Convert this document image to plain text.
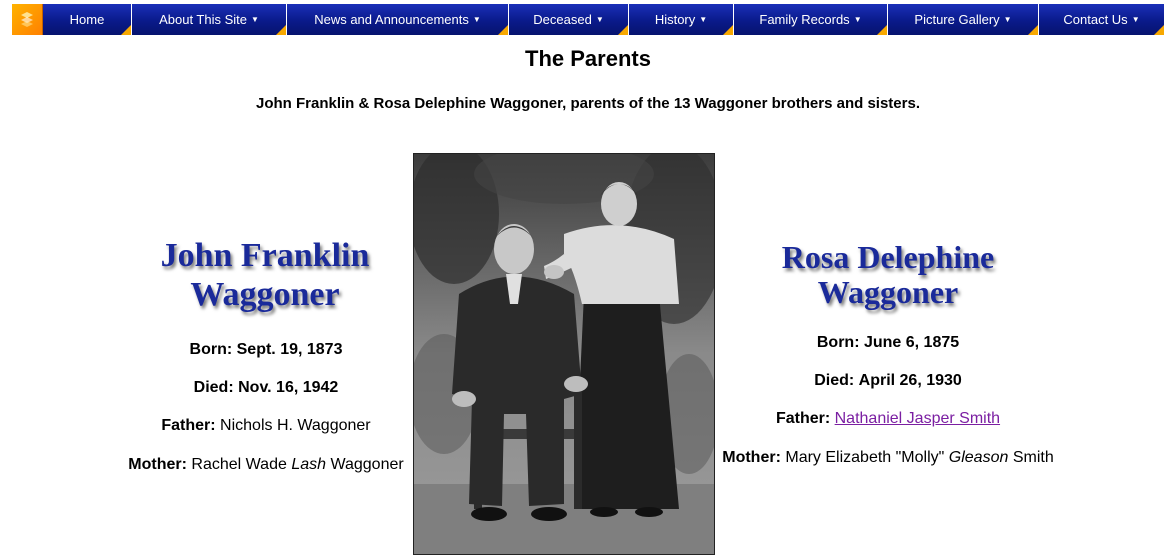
Home	About This Site ▼	News and Announcements ▼	Deceased ▼	History ▼	Family Records ▼	Picture Gallery ▼	Contact Us ▼
The Parents

John Franklin & Rosa Delephine Waggoner, parents of the 13 Waggoner brothers and sisters.

John Franklin
Waggoner
Born: Sept. 19, 1873
Died: Nov. 16, 1942
Father: Nichols H. Waggoner
Mother: Rachel Wade Lash Waggoner
Rosa Delephine
Waggoner
Born: June 6, 1875
Died: April 26, 1930
Father: Nathaniel Jasper Smith
Mother: Mary Elizabeth "Molly" Gleason Smith
